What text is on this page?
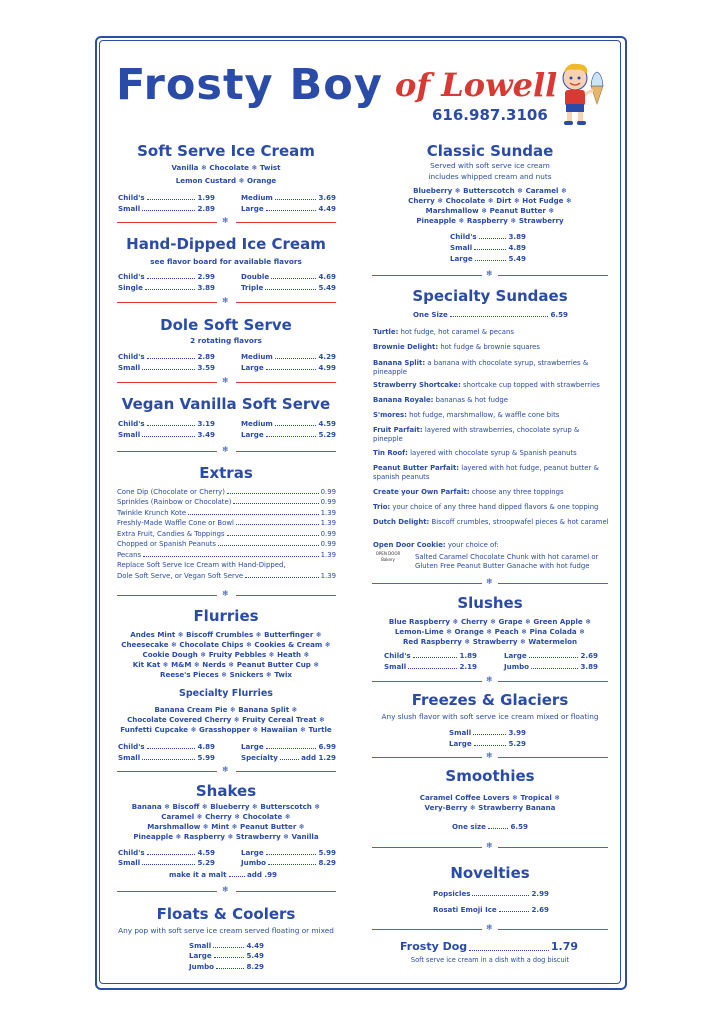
Frosty Boy of Lowell
616.987.3106
Soft Serve Ice Cream
Vanilla ❄ Chocolate ❄ Twist
Lemon Custard ❄ Orange
Child's	1.99
Small	2.89
Medium	3.69
Large	4.49
❄
Hand-Dipped Ice Cream
see flavor board for available flavors
Child's	2.99
Single	3.89
Double	4.69
Triple	5.49
❄
Dole Soft Serve
2 rotating flavors
Child's	2.89
Small	3.59
Medium	4.29
Large	4.99
❄
Vegan Vanilla Soft Serve
Child's	3.19
Small	3.49
Medium	4.59
Large	5.29
❄
Extras
Cone Dip (Chocolate or Cherry)	0.99
Sprinkles (Rainbow or Chocolate)	0.99
Twinkle Krunch Kote	1.39
Freshly-Made Waffle Cone or Bowl	1.39
Extra Fruit, Candies & Toppings	0.99
Chopped or Spanish Peanuts	0.99
Pecans	1.39
Replace Soft Serve Ice Cream with Hand-Dipped,
Dole Soft Serve, or Vegan Soft Serve	1.39
❄
Flurries
Andes Mint ❄ Biscoff Crumbles ❄ Butterfinger ❄
Cheesecake ❄ Chocolate Chips ❄ Cookies & Cream ❄
Cookie Dough ❄ Fruity Pebbles ❄ Heath ❄
Kit Kat ❄ M&M ❄ Nerds ❄ Peanut Butter Cup ❄
Reese's Pieces ❄ Snickers ❄ Twix
Specialty Flurries
Banana Cream Pie ❄ Banana Split ❄
Chocolate Covered Cherry ❄ Fruity Cereal Treat ❄
Funfetti Cupcake ❄ Grasshopper ❄ Hawaiian ❄ Turtle
Child's	4.89
Small	5.99
Large	6.99
Specialty	add 1.29
❄
Shakes
Banana ❄ Biscoff ❄ Blueberry ❄ Butterscotch ❄
Caramel ❄ Cherry ❄ Chocolate ❄
Marshmallow ❄ Mint ❄ Peanut Butter ❄
Pineapple ❄ Raspberry ❄ Strawberry ❄ Vanilla
Child's	4.59
Small	5.29
Large	5.99
Jumbo	8.29
make it a malt	add .99
❄
Floats & Coolers
Any pop with soft serve ice cream served floating or mixed
Small	4.49
Large	5.49
Jumbo	8.29
Classic Sundae
Served with soft serve ice cream
includes whipped cream and nuts
Blueberry ❄ Butterscotch ❄ Caramel ❄
Cherry ❄ Chocolate ❄ Dirt ❄ Hot Fudge ❄
Marshmallow ❄ Peanut Butter ❄
Pineapple ❄ Raspberry ❄ Strawberry
Child's	3.89
Small	4.89
Large	5.49
❄
Specialty Sundaes
One Size	6.59
Turtle: hot fudge, hot caramel & pecans
Brownie Delight: hot fudge & brownie squares
Banana Split: a banana with chocolate syrup, strawberries & pineapple
Strawberry Shortcake: shortcake cup topped with strawberries
Banana Royale: bananas & hot fudge
S'mores: hot fudge, marshmallow, & waffle cone bits
Fruit Parfait: layered with strawberries, chocolate syrup & pinepple
Tin Roof: layered with chocolate syrup & Spanish peanuts
Peanut Butter Parfait: layered with hot fudge, peanut butter & spanish peanuts
Create your Own Parfait: choose any three toppings
Trio: your choice of any three hand dipped flavors & one topping
Dutch Delight: Biscoff crumbles, stroopwafel pieces & hot caramel
Open Door Cookie: your choice of:
OPEN DOOR Bakery	Salted Caramel Chocolate Chunk with hot caramel or
Gluten Free Peanut Butter Ganache with hot fudge
❄
Slushes
Blue Raspberry ❄ Cherry ❄ Grape ❄ Green Apple ❄
Lemon-Lime ❄ Orange ❄ Peach ❄ Pina Colada ❄
Red Raspberry ❄ Strawberry ❄ Watermelon
Child's	1.89
Small	2.19
Large	2.69
Jumbo	3.89
❄
Freezes & Glaciers
Any slush flavor with soft serve ice cream mixed or floating
Small	3.99
Large	5.29
❄
Smoothies
Caramel Coffee Lovers ❄ Tropical ❄
Very-Berry ❄ Strawberry Banana
One size	6.59
❄
Novelties
Popsicles	2.99
Rosati Emoji Ice	2.69
❄
Frosty Dog	1.79
Soft serve ice cream in a dish with a dog biscuit
